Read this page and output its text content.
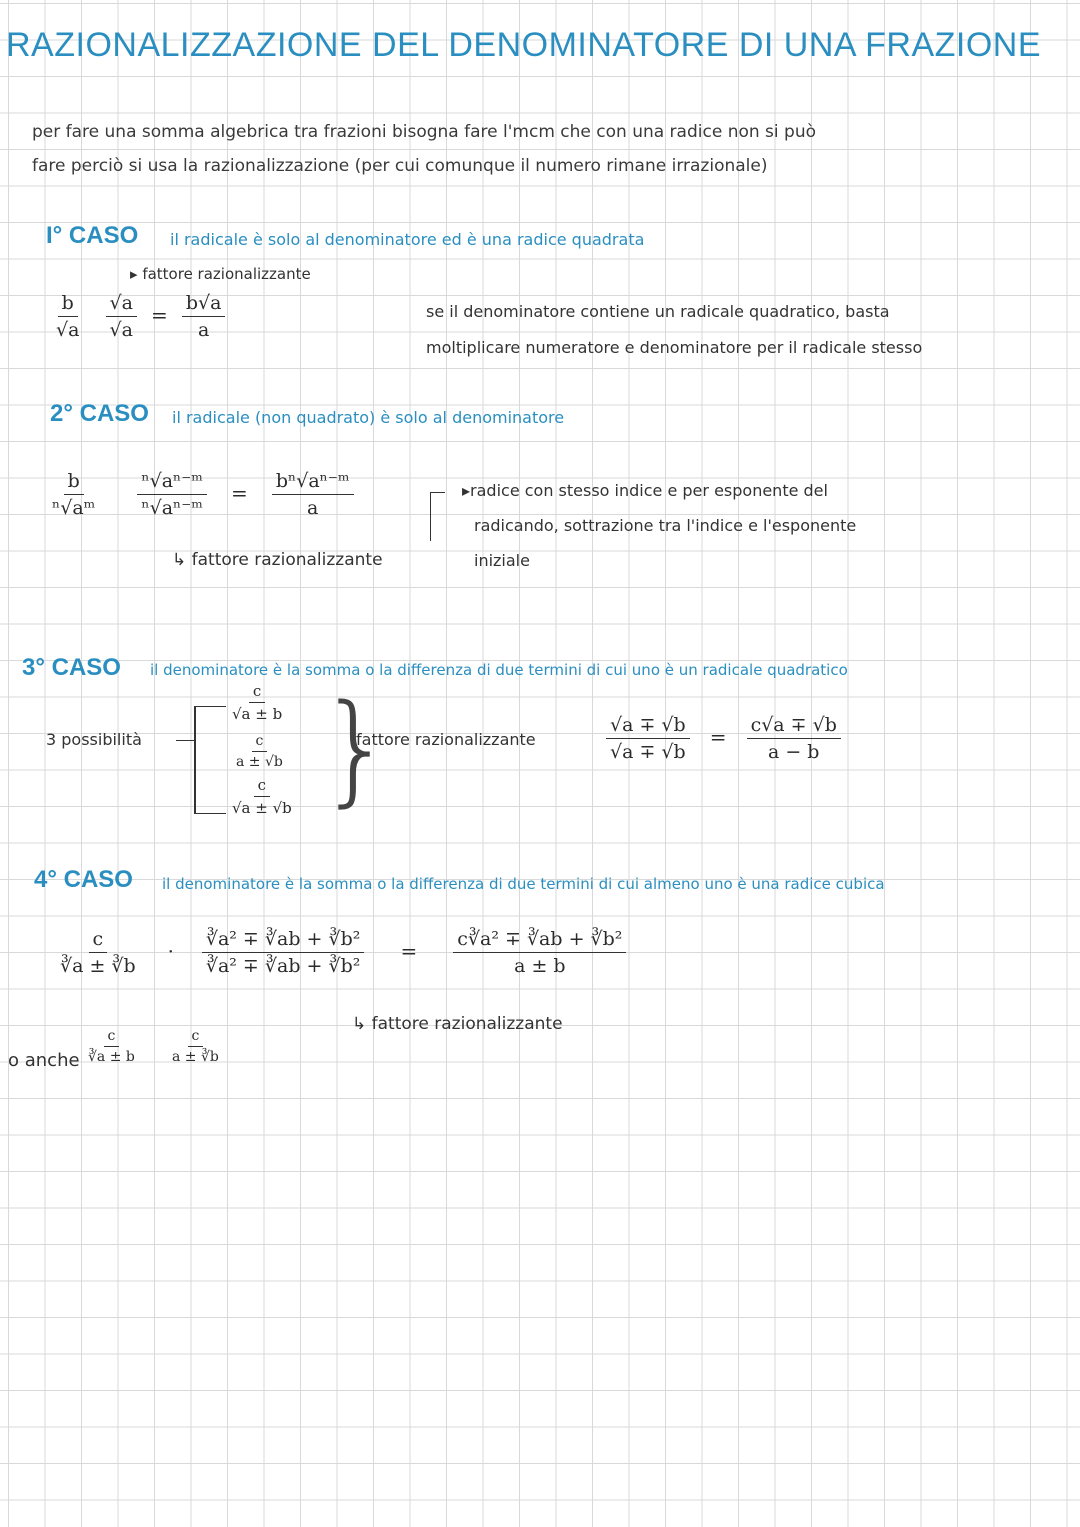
RAZIONALIZZAZIONE DEL DENOMINATORE DI UNA FRAZIONE
per fare una somma algebrica tra frazioni bisogna fare l'mcm che con una radice non si può
fare perciò si usa la razionalizzazione (per cui comunque il numero rimane irrazionale)
I° CASO il radicale è solo al denominatore ed è una radice quadrata
▸ fattore razionalizzante
$\frac{b}{√a}$
$\frac{√a}{√a} = \frac{b√a}{a}$	se il denominatore contiene un radicale quadratico, basta
moltiplicare numeratore e denominatore per il radicale stesso
2° CASO il radicale (non quadrato) è solo al denominatore
$\frac{b}{\text{ⁿ√aᵐ}}$
$\frac{\text{ⁿ√aⁿ⁻ᵐ}}{\text{ⁿ√aⁿ⁻ᵐ}} = \frac{\text{bⁿ√aⁿ⁻ᵐ}}{a}$
↳ fattore razionalizzante
▸radice con stesso indice e per esponente del
radicando, sottrazione tra l'indice e l'esponente
iniziale
3° CASO il denominatore è la somma o la differenza di due termini di cui uno è un radicale quadratico
3 possibilità
$\frac{c}{√a \pm b}$
$\frac{c}{a \pm √b}$
$\frac{c}{√a \pm √b}$ }
fattore razionalizzante	$\frac{√a \mp √b}{√a \mp √b} = \frac{c√a \mp √b}{a - b}$
4° CASO il denominatore è la somma o la differenza di due termini di cui almeno uno è una radice cubica
$\frac{c}{∛a \pm ∛b} \cdot \frac{\text{∛a² ∓ ∛ab + ∛b²}}{\text{∛a² ∓ ∛ab + ∛b²}} = \frac{\text{c∛a² ∓ ∛ab + ∛b²}}{a \pm b}$
↳ fattore razionalizzante
o anche $\frac{c}{∛a \pm b} \frac{c}{a \pm ∛b}$
